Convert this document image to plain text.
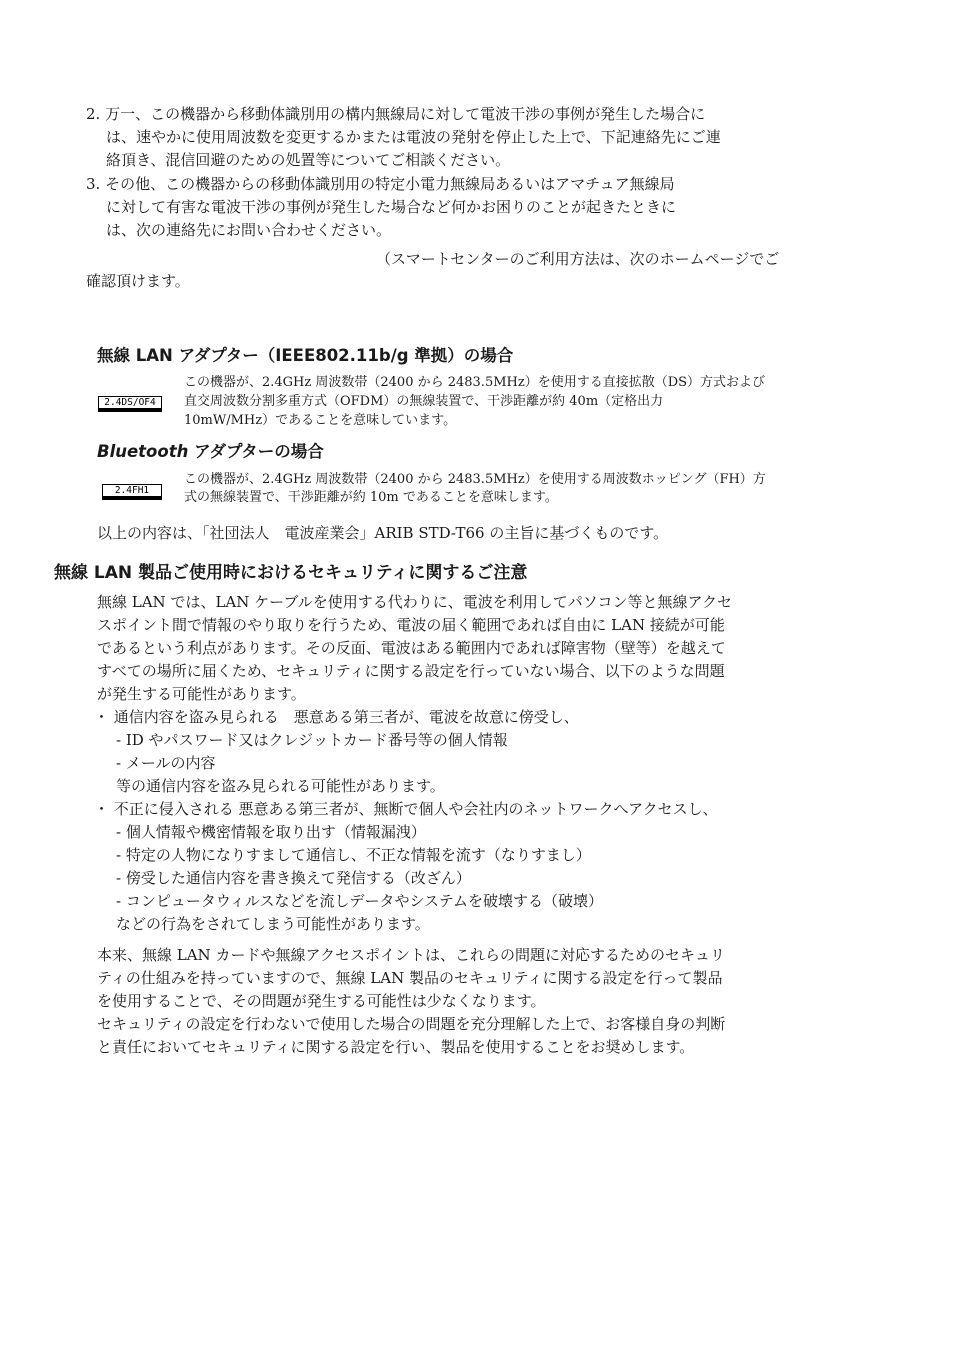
2. 万一、この機器から移動体識別用の構内無線局に対して電波干渉の事例が発生した場合に
は、速やかに使用周波数を変更するかまたは電波の発射を停止した上で、下記連絡先にご連
絡頂き、混信回避のための処置等についてご相談ください。
3. その他、この機器からの移動体識別用の特定小電力無線局あるいはアマチュア無線局
に対して有害な電波干渉の事例が発生した場合など何かお困りのことが起きたときに
は、次の連絡先にお問い合わせください。
（スマートセンターのご利用方法は、次のホームページでご
確認頂けます。
無線 LAN アダプター（IEEE802.11b/g 準拠）の場合
2.4DS/OF4
この機器が、2.4GHz 周波数帯（2400 から 2483.5MHz）を使用する直接拡散（DS）方式および
直交周波数分割多重方式（OFDM）の無線装置で、干渉距離が約 40m（定格出力
10mW/MHz）であることを意味しています。
Bluetooth アダプターの場合
2.4FH1
この機器が、2.4GHz 周波数帯（2400 から 2483.5MHz）を使用する周波数ホッピング（FH）方
式の無線装置で、干渉距離が約 10m であることを意味します。
以上の内容は、「社団法人　電波産業会」ARIB STD-T66 の主旨に基づくものです。
無線 LAN 製品ご使用時におけるセキュリティに関するご注意
無線 LAN では、LAN ケーブルを使用する代わりに、電波を利用してパソコン等と無線アクセ
スポイント間で情報のやり取りを行うため、電波の届く範囲であれば自由に LAN 接続が可能
であるという利点があります。その反面、電波はある範囲内であれば障害物（壁等）を越えて
すべての場所に届くため、セキュリティに関する設定を行っていない場合、以下のような問題
が発生する可能性があります。
・ 通信内容を盗み見られる　悪意ある第三者が、電波を故意に傍受し、
- ID やパスワード又はクレジットカード番号等の個人情報
- メールの内容
等の通信内容を盗み見られる可能性があります。
・ 不正に侵入される 悪意ある第三者が、無断で個人や会社内のネットワークへアクセスし、
- 個人情報や機密情報を取り出す（情報漏洩）
- 特定の人物になりすまして通信し、不正な情報を流す（なりすまし）
- 傍受した通信内容を書き換えて発信する（改ざん）
- コンピュータウィルスなどを流しデータやシステムを破壊する（破壊）
などの行為をされてしまう可能性があります。
本来、無線 LAN カードや無線アクセスポイントは、これらの問題に対応するためのセキュリ
ティの仕組みを持っていますので、無線 LAN 製品のセキュリティに関する設定を行って製品
を使用することで、その問題が発生する可能性は少なくなります。
セキュリティの設定を行わないで使用した場合の問題を充分理解した上で、お客様自身の判断
と責任においてセキュリティに関する設定を行い、製品を使用することをお奨めします。
